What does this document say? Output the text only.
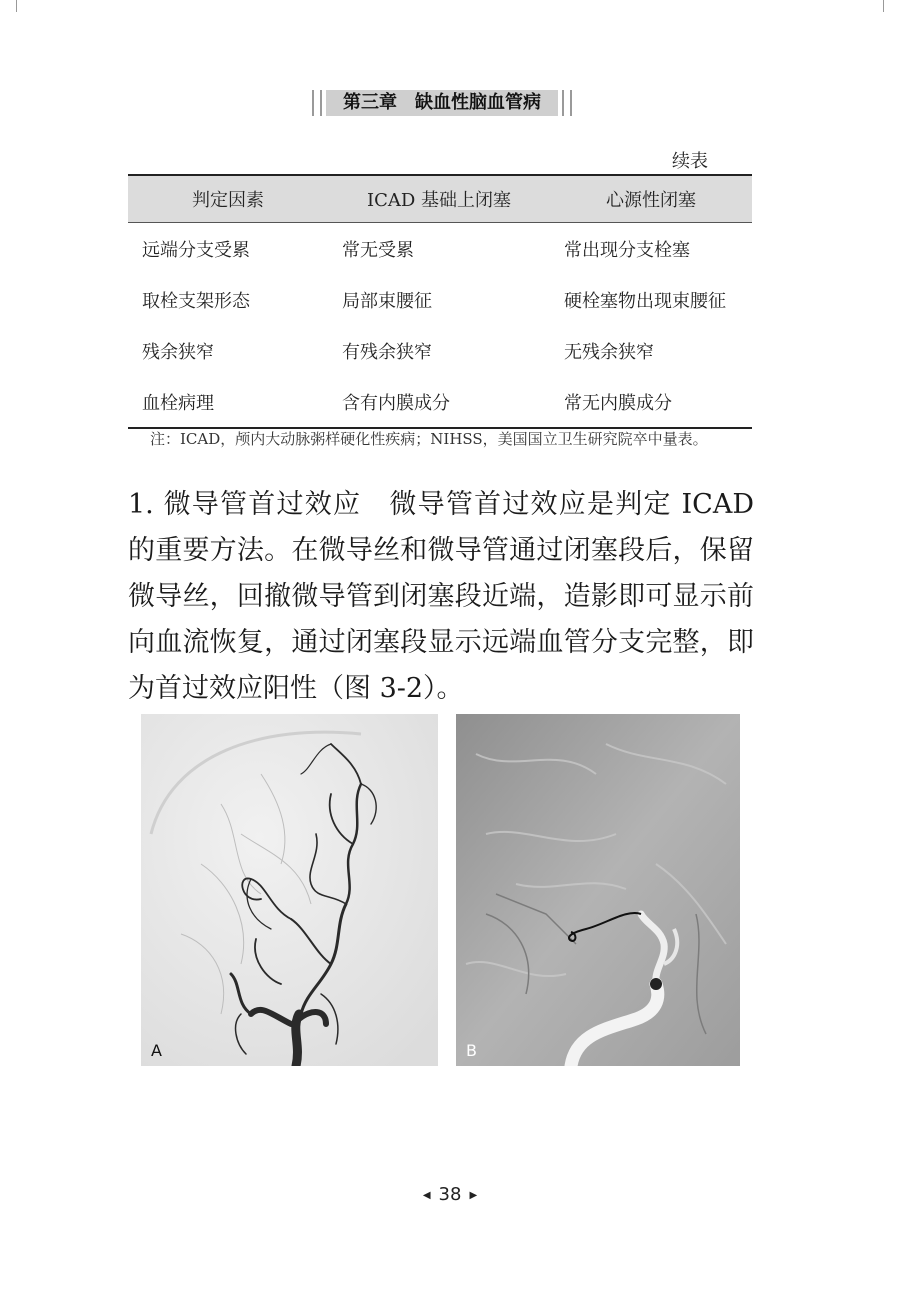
第三章　缺血性脑血管病
续表
判定因素	ICAD 基础上闭塞	心源性闭塞
远端分支受累	常无受累	常出现分支栓塞
取栓支架形态	局部束腰征	硬栓塞物出现束腰征
残余狭窄	有残余狭窄	无残余狭窄
血栓病理	含有内膜成分	常无内膜成分
注：ICAD，颅内大动脉粥样硬化性疾病；NIHSS，美国国立卫生研究院卒中量表。
1. 微导管首过效应　微导管首过效应是判定 ICAD 的重要方法。在微导丝和微导管通过闭塞段后，保留微导丝，回撤微导管到闭塞段近端，造影即可显示前向血流恢复，通过闭塞段显示远端血管分支完整，即为首过效应阳性（图 3-2）。
A	B
◀ 38 ▶
